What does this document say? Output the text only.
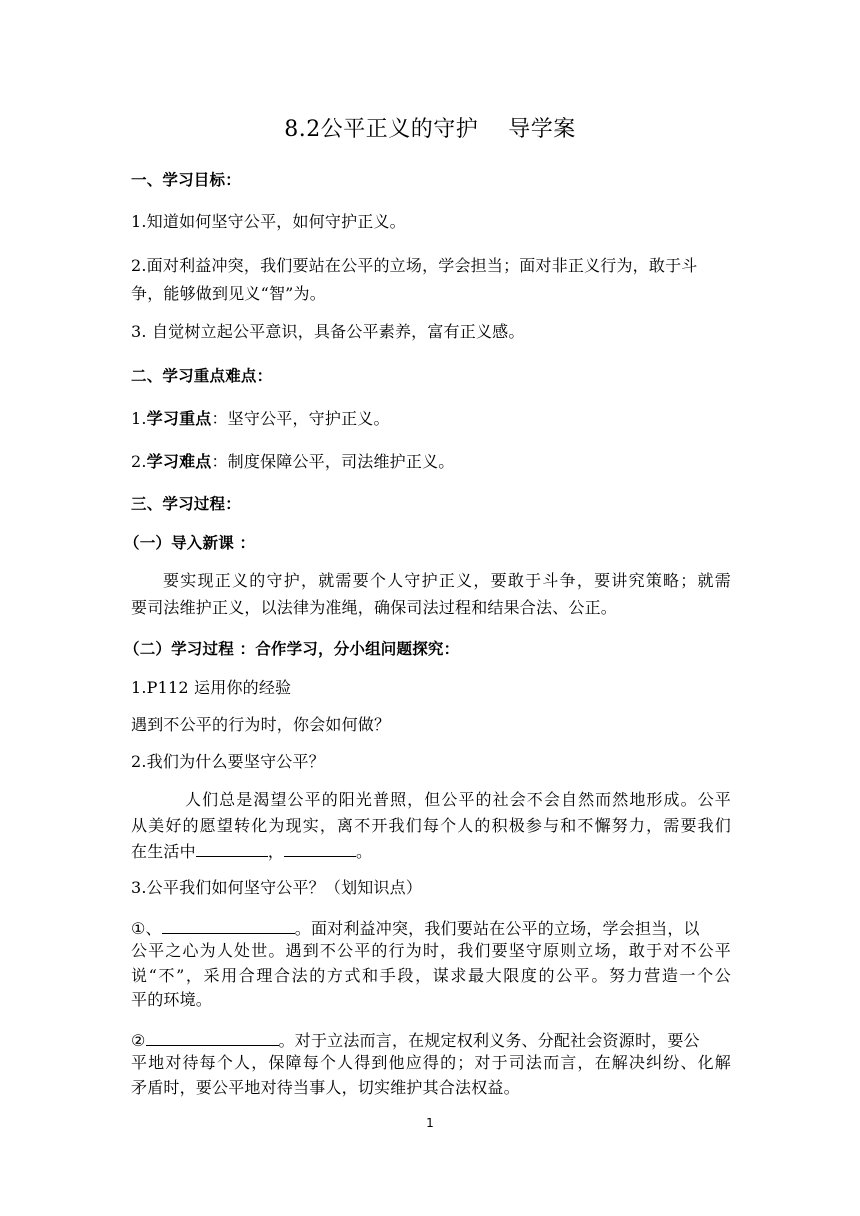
8.2公平正义的守护 导学案
一、学习目标：
1.知道如何坚守公平，如何守护正义。
2.面对利益冲突，我们要站在公平的立场，学会担当；面对非正义行为，敢于斗
争，能够做到见义“智”为。
3. 自觉树立起公平意识，具备公平素养，富有正义感。
二、学习重点难点：
1.学习重点：坚守公平，守护正义。
2.学习难点：制度保障公平，司法维护正义。
三、学习过程：
（一）导入新课 ：
要实现正义的守护，就需要个人守护正义，要敢于斗争，要讲究策略；就需
要司法维护正义，以法律为准绳，确保司法过程和结果合法、公正。
（二）学习过程 ：合作学习，分小组问题探究：
1.P112 运用你的经验
遇到不公平的行为时，你会如何做？
2.我们为什么要坚守公平？
人们总是渴望公平的阳光普照，但公平的社会不会自然而然地形成。公平
从美好的愿望转化为现实，离不开我们每个人的积极参与和不懈努力，需要我们
在生活中	，	。
3.公平我们如何坚守公平？（划知识点）
①、	。面对利益冲突，我们要站在公平的立场，学会担当，以
公平之心为人处世。遇到不公平的行为时，我们要坚守原则立场，敢于对不公平
说“不”，采用合理合法的方式和手段，谋求最大限度的公平。努力营造一个公
平的环境。
②	。对于立法而言，在规定权利义务、分配社会资源时，要公
平地对待每个人，保障每个人得到他应得的；对于司法而言，在解决纠纷、化解
矛盾时，要公平地对待当事人，切实维护其合法权益。
1
